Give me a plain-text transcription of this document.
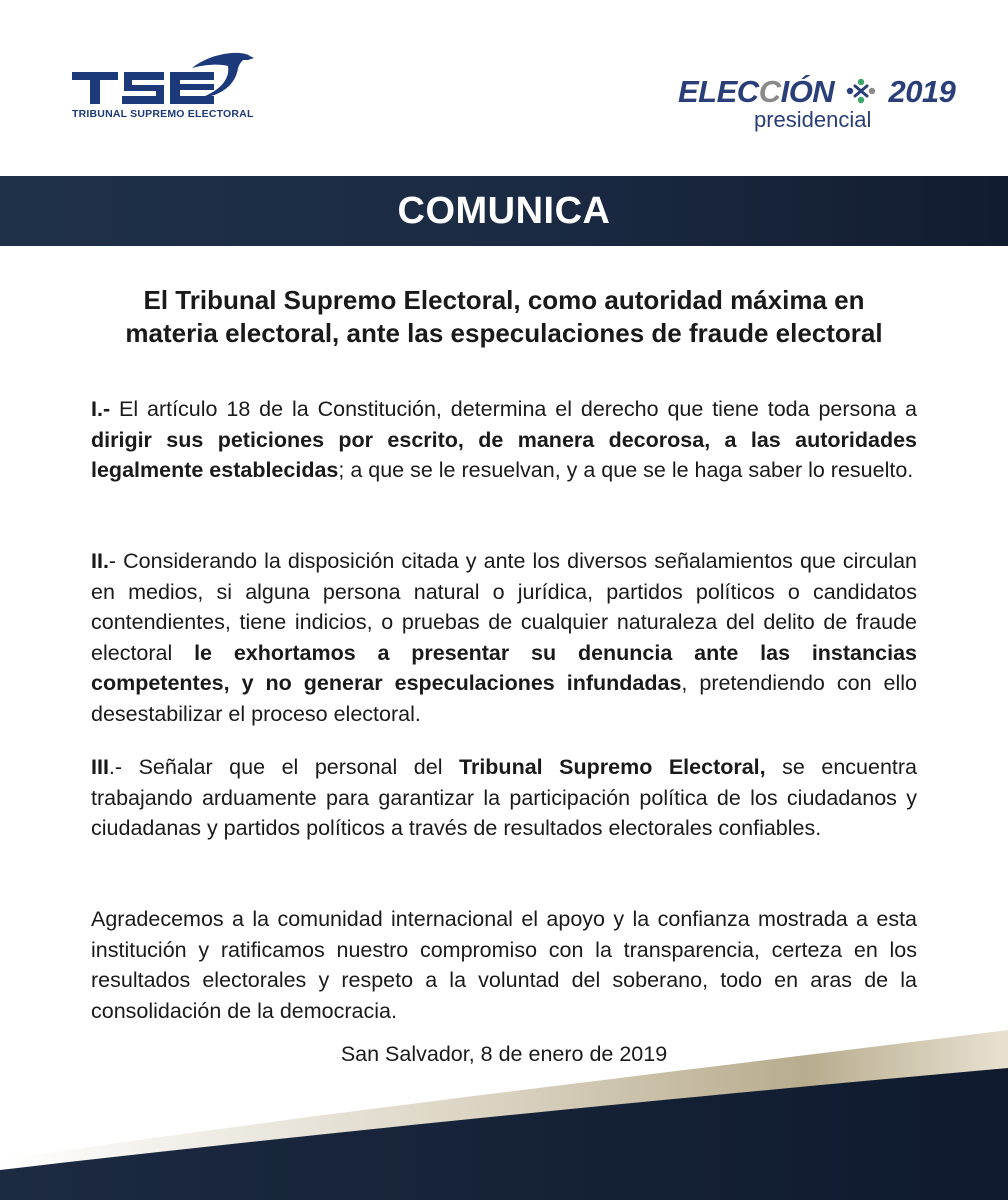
TRIBUNAL SUPREMO ELECTORAL
ELECCIÓN 2019
presidencial
COMUNICA
El Tribunal Supremo Electoral, como autoridad máxima en
materia electoral, ante las especulaciones de fraude electoral
I.- El artículo 18 de la Constitución, determina el derecho que tiene toda persona a dirigir sus peticiones por escrito, de manera decorosa, a las autoridades legalmente establecidas; a que se le resuelvan, y a que se le haga saber lo resuelto.
II.- Considerando la disposición citada y ante los diversos señalamientos que circulan en medios, si alguna persona natural o jurídica, partidos políticos o candidatos contendientes, tiene indicios, o pruebas de cualquier naturaleza del delito de fraude electoral le exhortamos a presentar su denuncia ante las instancias competentes, y no generar especulaciones infundadas, pretendiendo con ello desestabilizar el proceso electoral.
III.- Señalar que el personal del Tribunal Supremo Electoral, se encuentra trabajando arduamente para garantizar la participación política de los ciudadanos y ciudadanas y partidos políticos a través de resultados electorales confiables.
Agradecemos a la comunidad internacional el apoyo y la confianza mostrada a esta institución y ratificamos nuestro compromiso con la transparencia, certeza en los resultados electorales y respeto a la voluntad del soberano, todo en aras de la consolidación de la democracia.
San Salvador, 8 de enero de 2019
